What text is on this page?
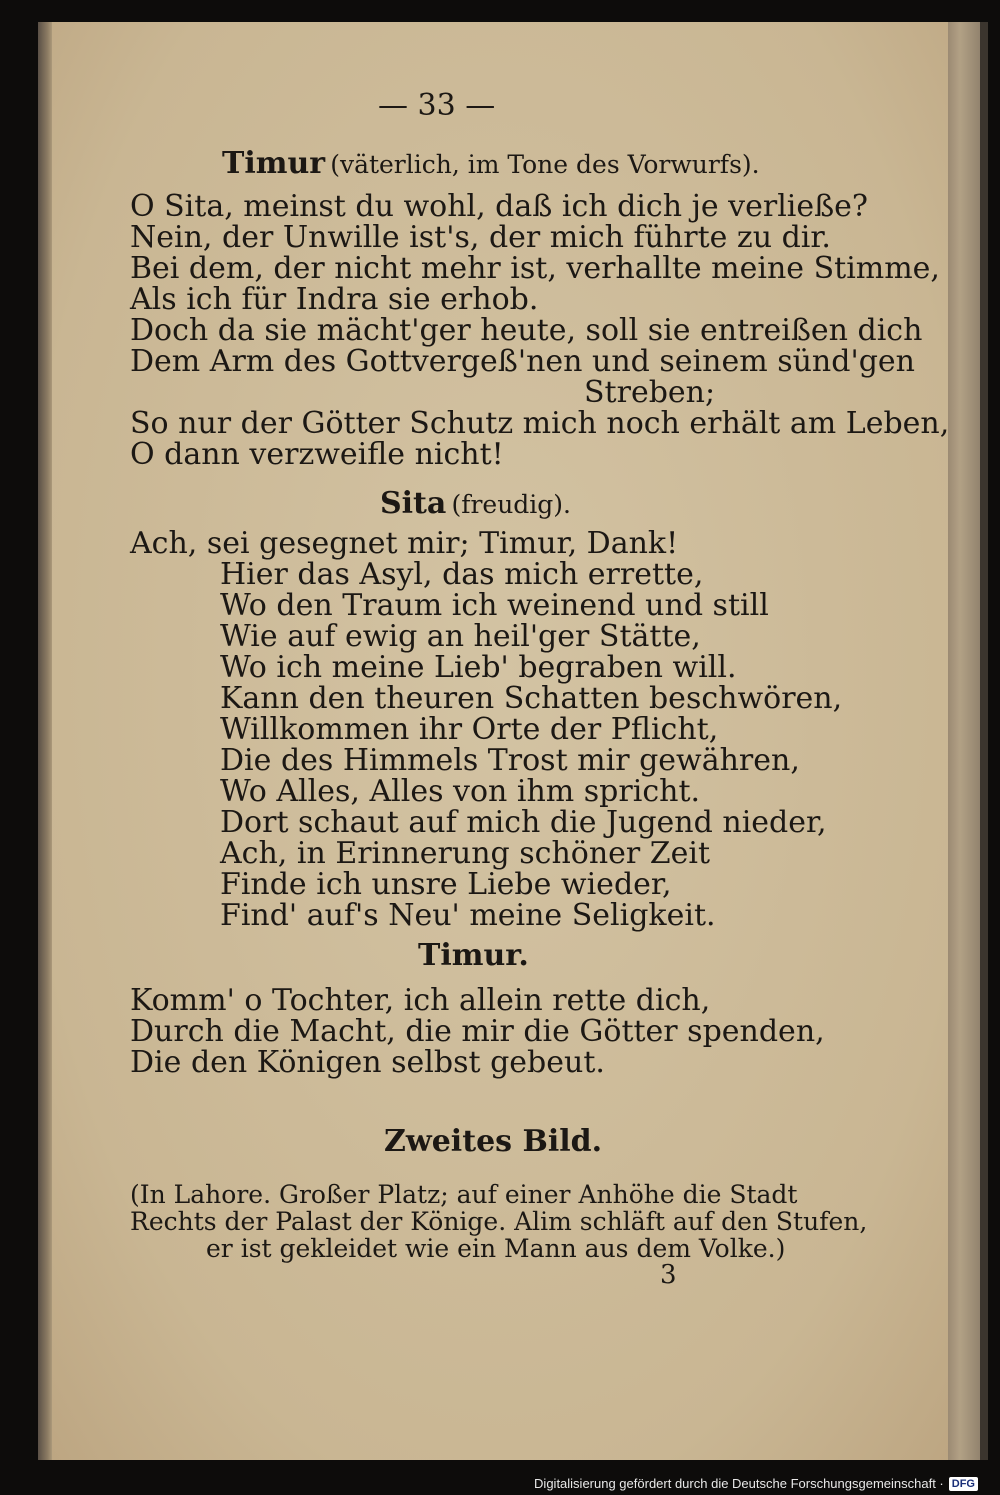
— 33 —
Timur (väterlich, im Tone des Vorwurfs).
O Sita, meinst du wohl, daß ich dich je verließe?
Nein, der Unwille ist's, der mich führte zu dir.
Bei dem, der nicht mehr ist, verhallte meine Stimme,
Als ich für Indra sie erhob.
Doch da sie mächt'ger heute, soll sie entreißen dich
Dem Arm des Gottvergeß'nen und seinem sünd'gen
Streben;
So nur der Götter Schutz mich noch erhält am Leben,
O dann verzweifle nicht!
Sita (freudig).
Ach, sei gesegnet mir; Timur, Dank!
Hier das Asyl, das mich errette,
Wo den Traum ich weinend und still
Wie auf ewig an heil'ger Stätte,
Wo ich meine Lieb' begraben will.
Kann den theuren Schatten beschwören,
Willkommen ihr Orte der Pflicht,
Die des Himmels Trost mir gewähren,
Wo Alles, Alles von ihm spricht.
Dort schaut auf mich die Jugend nieder,
Ach, in Erinnerung schöner Zeit
Finde ich unsre Liebe wieder,
Find' auf's Neu' meine Seligkeit.
Timur.
Komm' o Tochter, ich allein rette dich,
Durch die Macht, die mir die Götter spenden,
Die den Königen selbst gebeut.
Zweites Bild.
(In Lahore. Großer Platz; auf einer Anhöhe die Stadt
Rechts der Palast der Könige. Alim schläft auf den Stufen,
er ist gekleidet wie ein Mann aus dem Volke.)
3
Digitalisierung gefördert durch die Deutsche Forschungsgemeinschaft · DFG
